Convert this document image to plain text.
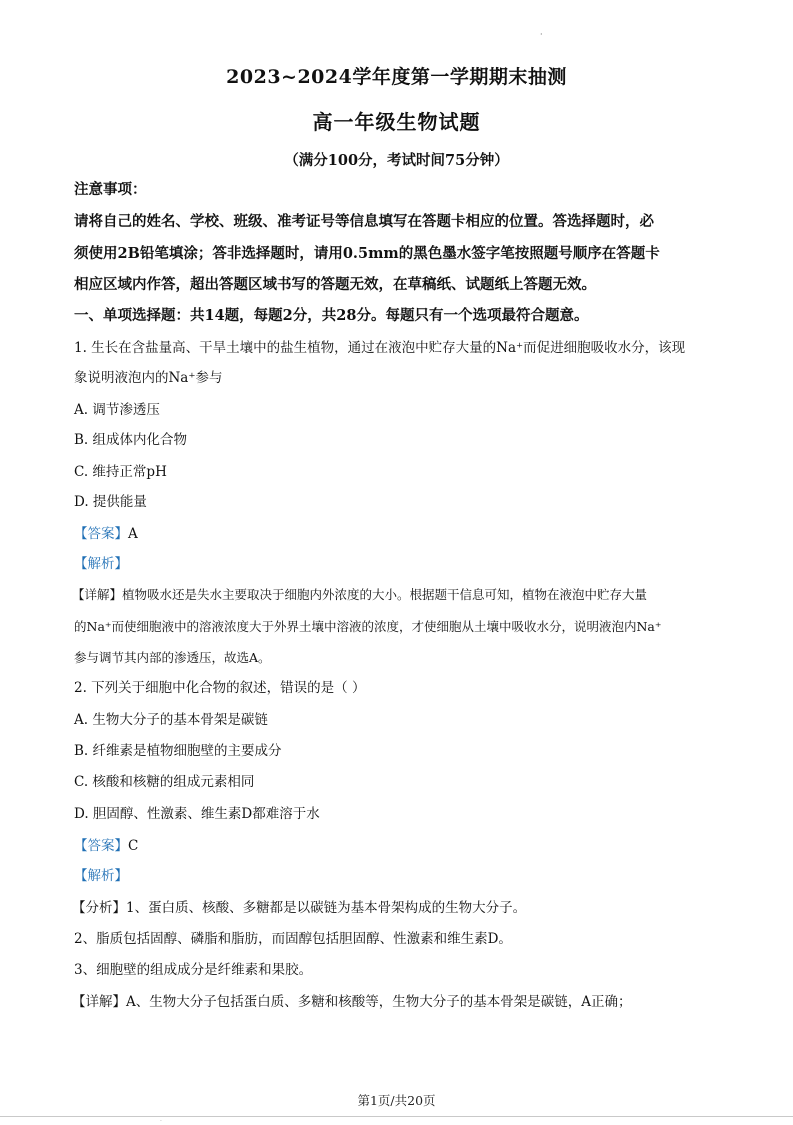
·
2023~2024学年度第一学期期末抽测
高一年级生物试题
（满分100分，考试时间75分钟）
注意事项：
请将自己的姓名、学校、班级、准考证号等信息填写在答题卡相应的位置。答选择题时，必
须使用2B铅笔填涂；答非选择题时，请用0.5mm的黑色墨水签字笔按照题号顺序在答题卡
相应区域内作答，超出答题区域书写的答题无效，在草稿纸、试题纸上答题无效。
一、单项选择题：共14题，每题2分，共28分。每题只有一个选项最符合题意。
1. 生长在含盐量高、干旱土壤中的盐生植物，通过在液泡中贮存大量的Na⁺而促进细胞吸收水分，该现
象说明液泡内的Na⁺参与
A. 调节渗透压
B. 组成体内化合物
C. 维持正常pH
D. 提供能量
【答案】A
【解析】
【详解】植物吸水还是失水主要取决于细胞内外浓度的大小。根据题干信息可知，植物在液泡中贮存大量
的Na⁺而使细胞液中的溶液浓度大于外界土壤中溶液的浓度，才使细胞从土壤中吸收水分，说明液泡内Na⁺
参与调节其内部的渗透压，故选A。
2. 下列关于细胞中化合物的叙述，错误的是（ ）
A. 生物大分子的基本骨架是碳链
B. 纤维素是植物细胞壁的主要成分
C. 核酸和核糖的组成元素相同
D. 胆固醇、性激素、维生素D都难溶于水
【答案】C
【解析】
【分析】1、蛋白质、核酸、多糖都是以碳链为基本骨架构成的生物大分子。
2、脂质包括固醇、磷脂和脂肪，而固醇包括胆固醇、性激素和维生素D。
3、细胞壁的组成成分是纤维素和果胶。
【详解】A、生物大分子包括蛋白质、多糖和核酸等，生物大分子的基本骨架是碳链，A正确；
第1页/共20页
·
